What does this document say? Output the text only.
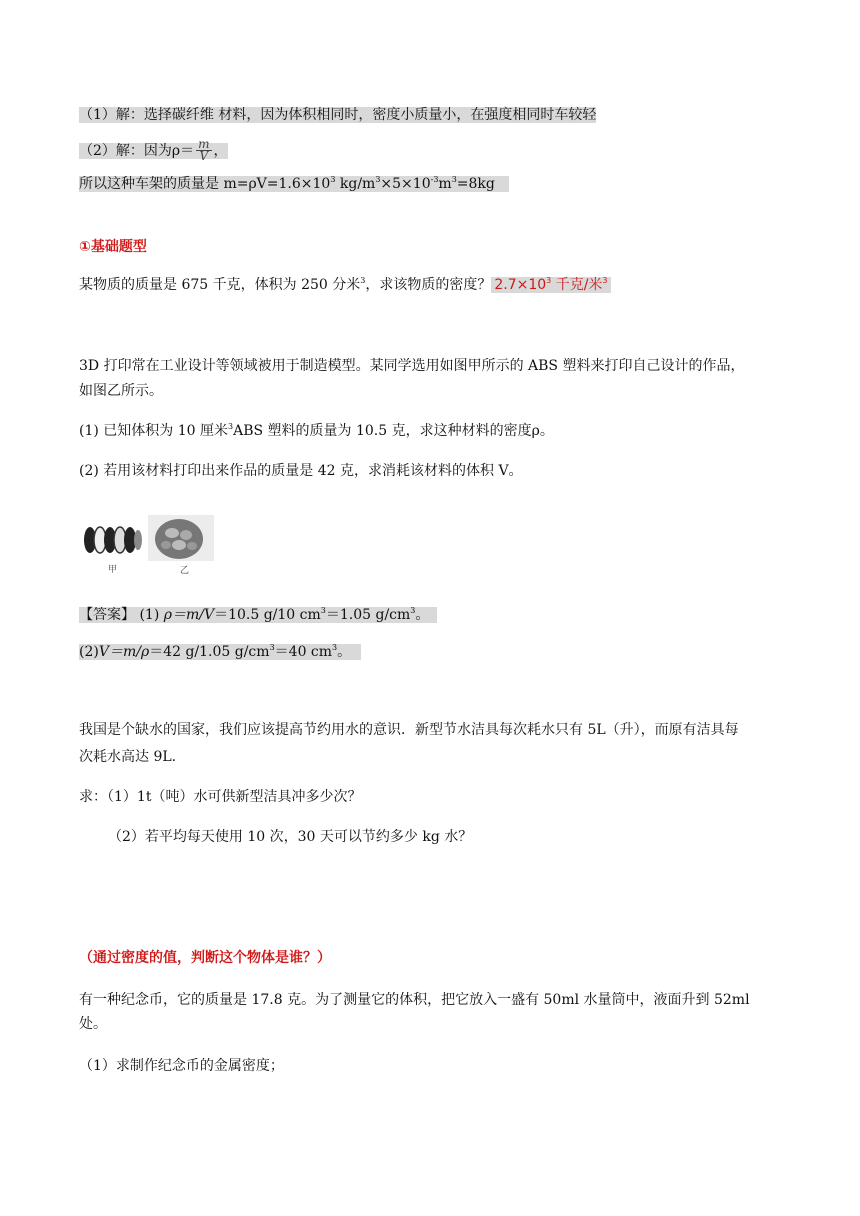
（1）解：选择碳纤维 材料，因为体积相同时，密度小质量小，在强度相同时车较轻
（2）解：因为$\rho= \frac{m}{V}$ ，
所以这种车架的质量是 $m=\rho V=1.6\times 10^3$ $kg/m^3\times 5\times 10^{-3}m^3=8kg$
①基础题型
某物质的质量是 675 千克，体积为 250 分米$^3$，求该物质的密度？ $2.7\times 10^3$ 千克/米$^3$
3D 打印常在工业设计等领域被用于制造模型。某同学选用如图甲所示的 ABS 塑料来打印自己设计的作品，
如图乙所示。
(1) 已知体积为 10 厘米$^3$ABS 塑料的质量为 10.5 克，求这种材料的密度ρ。
(2) 若用该材料打印出来作品的质量是 42 克，求消耗该材料的体积 V。
甲	乙
【答案】 (1) ρ＝m/V＝10.5 g/10 $cm^3=1.05$ $g/cm^3$。
(2)V＝m/ρ＝42 g/1.05 $g/cm^3=40$ $cm^3$。
我国是个缺水的国家，我们应该提高节约用水的意识．新型节水洁具每次耗水只有 5L（升），而原有洁具每
次耗水高达 9L.
求：（1）1t（吨）水可供新型洁具冲多少次？
（2）若平均每天使用 10 次，30 天可以节约多少 kg 水？
（通过密度的值，判断这个物体是谁？）
有一种纪念币，它的质量是 17.8 克。为了测量它的体积，把它放入一盛有 50ml 水量筒中，液面升到 52ml
处。
（1）求制作纪念币的金属密度；
